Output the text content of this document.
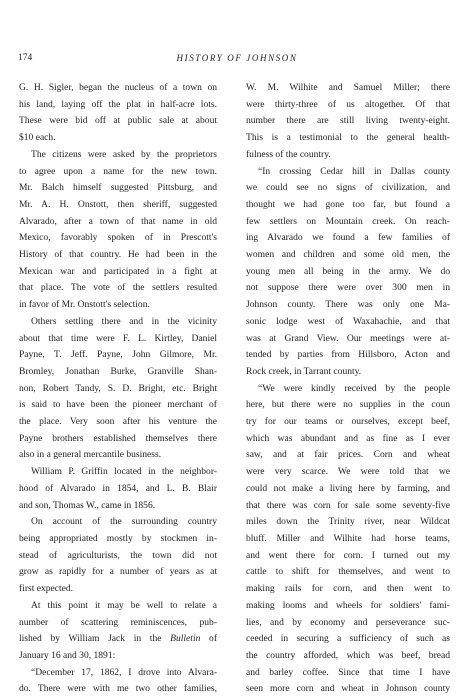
174	HISTORY OF JOHNSON

G. H. Sigler, began the nucleus of a town on

his land, laying off the plat in half-acre lots.

These were bid off at public sale at about

$10 each.

The citizens were asked by the proprietors

to agree upon a name for the new town.

Mr. Balch himself suggested Pittsburg, and

Mr. A. H. Onstott, then sheriff, suggested

Alvarado, after a town of that name in old

Mexico, favorably spoken of in Prescott's

History of that country. He had been in the

Mexican war and participated in a fight at

that place. The vote of the settlers resulted

in favor of Mr. Onstott's selection.

Others settling there and in the vicinity

about that time were F. L. Kirtley, Daniel

Payne, T. Jeff. Payne, John Gilmore, Mr.

Bromley, Jonathan Burke, Granville Shan-

non, Robert Tandy, S. D. Bright, etc. Bright

is said to have been the pioneer merchant of

the place. Very soon after his venture the

Payne brothers established themselves there

also in a general mercantile business.

William P. Griffin located in the neighbor-

hood of Alvarado in 1854, and L. B. Blair

and son, Thomas W., came in 1856.

On account of the surrounding country

being appropriated mostly by stockmen in-

stead of agriculturists, the town did not

grow as rapidly for a number of years as at

first expected.

At this point it may be well to relate a

number of scattering reminiscences, pub-

lished by William Jack in the Bulletin of

January 16 and 30, 1891:

“December 17, 1862, I drove into Alvara-

do. There were with me two other families,

W. M. Wilhite and Samuel Miller; there

were thirty-three of us altogether. Of that

number there are still living twenty-eight.

This is a testimonial to the general health-

fulness of the country.

“In crossing Cedar hill in Dallas county

we could see no signs of civilization, and

thought we had gone too far, but found a

few settlers on Mountain creek. On reach-

ing Alvarado we found a few families of

women and children and some old men, the

young men all being in the army. We do

not suppose there were over 300 men in

Johnson county. There was only one Ma-

sonic lodge west of Waxahachie, and that

was at Grand View. Our meetings were at-

tended by parties from Hillsboro, Acton and

Rock creek, in Tarrant county.

“We were kindly received by the people

here, but there were no supplies in the coun

try for our teams or ourselves, except beef,

which was abundant and as fine as I ever

saw, and at fair prices. Corn and wheat

were very scarce. We were told that we

could not make a living here by farming, and

that there was corn for sale some seventy-five

miles down the Trinity river, near Wildcat

bluff. Miller and Wilhite had horse teams,

and went there for corn. I turned out my

cattle to shift for themselves, and went to

making rails for corn, and then went to

making looms and wheels for soldiers' fami-

lies, and by economy and perseverance suc-

ceeded in securing a sufficiency of such as

the country afforded, which was beef, bread

and barley coffee. Since that time I have

seen more corn and wheat in Johnson county
